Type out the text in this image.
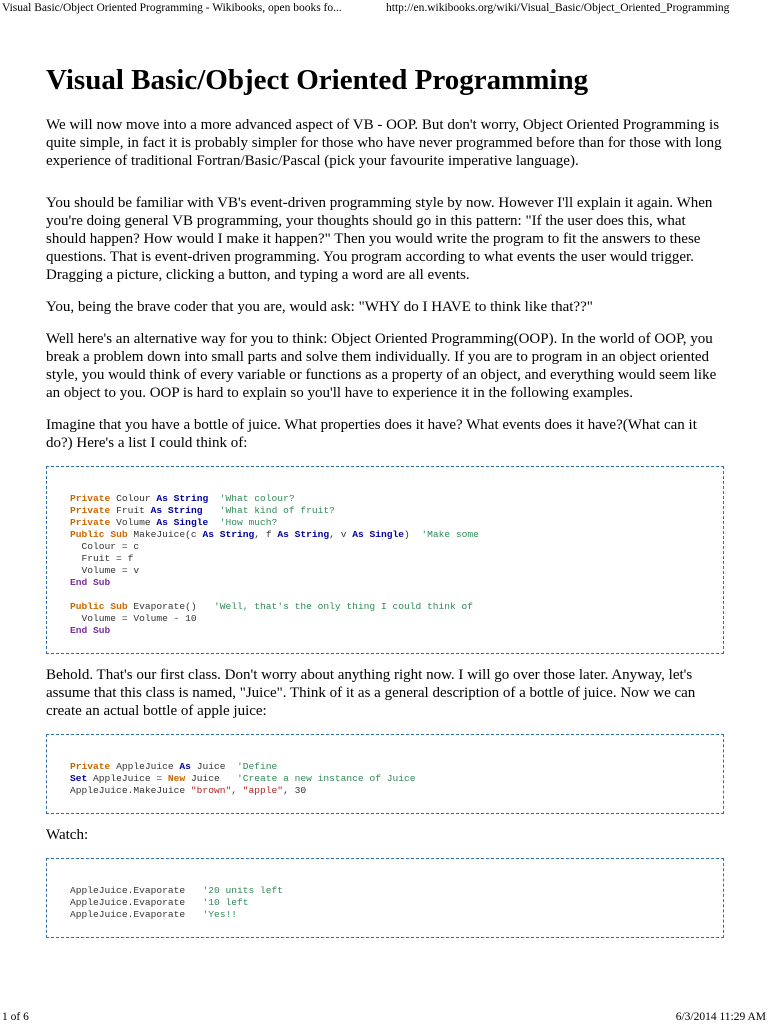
Visual Basic/Object Oriented Programming - Wikibooks, open books fo...	http://en.wikibooks.org/wiki/Visual_Basic/Object_Oriented_Programming
Visual Basic/Object Oriented Programming

We will now move into a more advanced aspect of VB - OOP. But don't worry, Object Oriented Programming is quite simple, in fact it is probably simpler for those who have never programmed before than for those with long experience of traditional Fortran/Basic/Pascal (pick your favourite imperative language).

You should be familiar with VB's event-driven programming style by now. However I'll explain it again. When you're doing general VB programming, your thoughts should go in this pattern: "If the user does this, what should happen? How would I make it happen?" Then you would write the program to fit the answers to these questions. That is event-driven programming. You program according to what events the user would trigger. Dragging a picture, clicking a button, and typing a word are all events.

You, being the brave coder that you are, would ask: "WHY do I HAVE to think like that??"

Well here's an alternative way for you to think: Object Oriented Programming(OOP). In the world of OOP, you break a problem down into small parts and solve them individually. If you are to program in an object oriented style, you would think of every variable or functions as a property of an object, and everything would seem like an object to you. OOP is hard to explain so you'll have to experience it in the following examples.

Imagine that you have a bottle of juice. What properties does it have? What events does it have?(What can it do?) Here's a list I could think of:

Private Colour As String 'What colour?
Private Fruit As String 'What kind of fruit?
Private Volume As Single 'How much?
Public Sub MakeJuice(c As String, f As String, v As Single)  'Make some
Colour = c
Fruit = f
Volume = v
End Sub

Public Sub Evaporate() 'Well, that's the only thing I could think of
Volume = Volume - 10
End Sub

Behold. That's our first class. Don't worry about anything right now. I will go over those later. Anyway, let's assume that this class is named, "Juice". Think of it as a general description of a bottle of juice. Now we can create an actual bottle of apple juice:

Private AppleJuice As Juice 'Define
Set AppleJuice = New Juice 'Create a new instance of Juice
AppleJuice.MakeJuice "brown", "apple", 30

Watch:

AppleJuice.Evaporate '20 units left
AppleJuice.Evaporate '10 left
AppleJuice.Evaporate 'Yes!!
1 of 6	6/3/2014 11:29 AM
